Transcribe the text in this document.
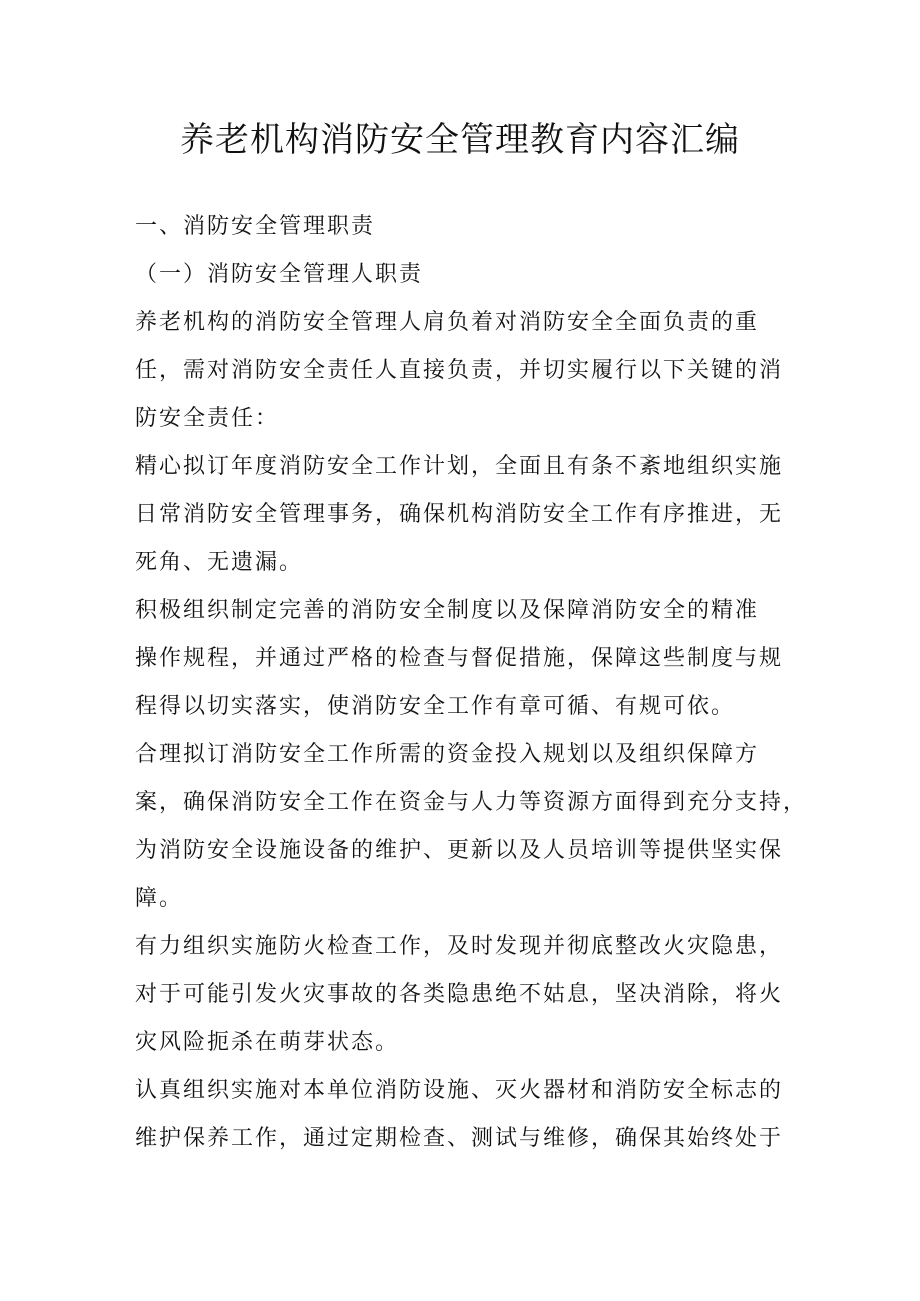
养老机构消防安全管理教育内容汇编

一、消防安全管理职责

（一）消防安全管理人职责

养老机构的消防安全管理人肩负着对消防安全全面负责的重
任，需对消防安全责任人直接负责，并切实履行以下关键的消
防安全责任：

精心拟订年度消防安全工作计划，全面且有条不紊地组织实施
日常消防安全管理事务，确保机构消防安全工作有序推进，无
死角、无遗漏。

积极组织制定完善的消防安全制度以及保障消防安全的精准
操作规程，并通过严格的检查与督促措施，保障这些制度与规
程得以切实落实，使消防安全工作有章可循、有规可依。

合理拟订消防安全工作所需的资金投入规划以及组织保障方
案，确保消防安全工作在资金与人力等资源方面得到充分支持，
为消防安全设施设备的维护、更新以及人员培训等提供坚实保
障。

有力组织实施防火检查工作，及时发现并彻底整改火灾隐患，
对于可能引发火灾事故的各类隐患绝不姑息，坚决消除，将火
灾风险扼杀在萌芽状态。

认真组织实施对本单位消防设施、灭火器材和消防安全标志的
维护保养工作，通过定期检查、测试与维修，确保其始终处于
